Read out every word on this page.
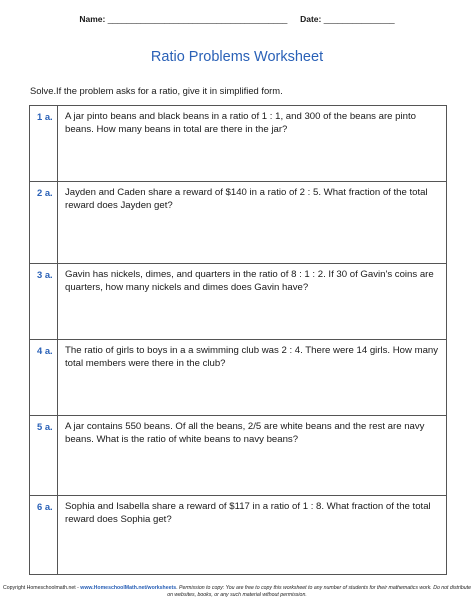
Name: ______________________________________ Date: _______________
Ratio Problems Worksheet
Solve.If the problem asks for a ratio, give it in simplified form.
1 a.	A jar pinto beans and black beans in a ratio of 1 : 1, and 300 of the beans are pinto beans. How many beans in total are there in the jar?
2 a.	Jayden and Caden share a reward of $140 in a ratio of 2 : 5. What fraction of the total reward does Jayden get?
3 a.	Gavin has nickels, dimes, and quarters in the ratio of 8 : 1 : 2. If 30 of Gavin's coins are quarters, how many nickels and dimes does Gavin have?
4 a.	The ratio of girls to boys in a a swimming club was 2 : 4. There were 14 girls. How many total members were there in the club?
5 a.	A jar contains 550 beans. Of all the beans, 2/5 are white beans and the rest are navy beans. What is the ratio of white beans to navy beans?
6 a.	Sophia and Isabella share a reward of $117 in a ratio of 1 : 8. What fraction of the total reward does Sophia get?
Copyright Homeschoolmath.net - www.HomeschoolMath.net/worksheets. Permission to copy: You are free to copy this worksheet to any number of students for their mathematics work. Do not distribute on websites, books, or any such material without permission.
